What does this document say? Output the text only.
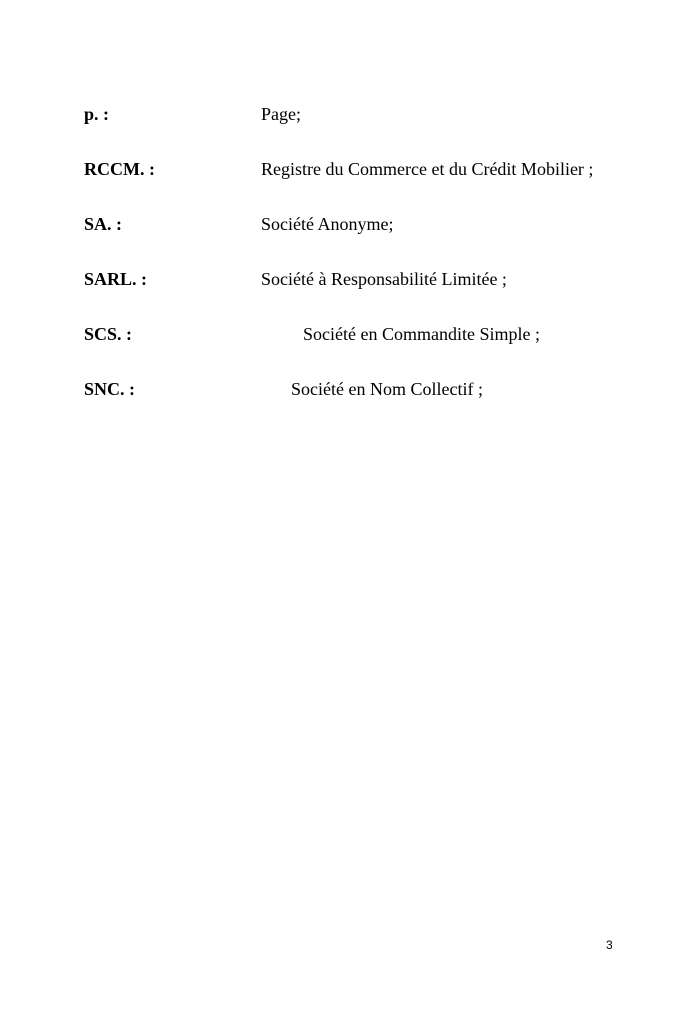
p. :	Page;
RCCM. :	Registre du Commerce et du Crédit Mobilier ;
SA. :	Société Anonyme;
SARL. :	Société à Responsabilité Limitée ;
SCS. :	Société en Commandite Simple ;
SNC. :	Société en Nom Collectif ;
3
